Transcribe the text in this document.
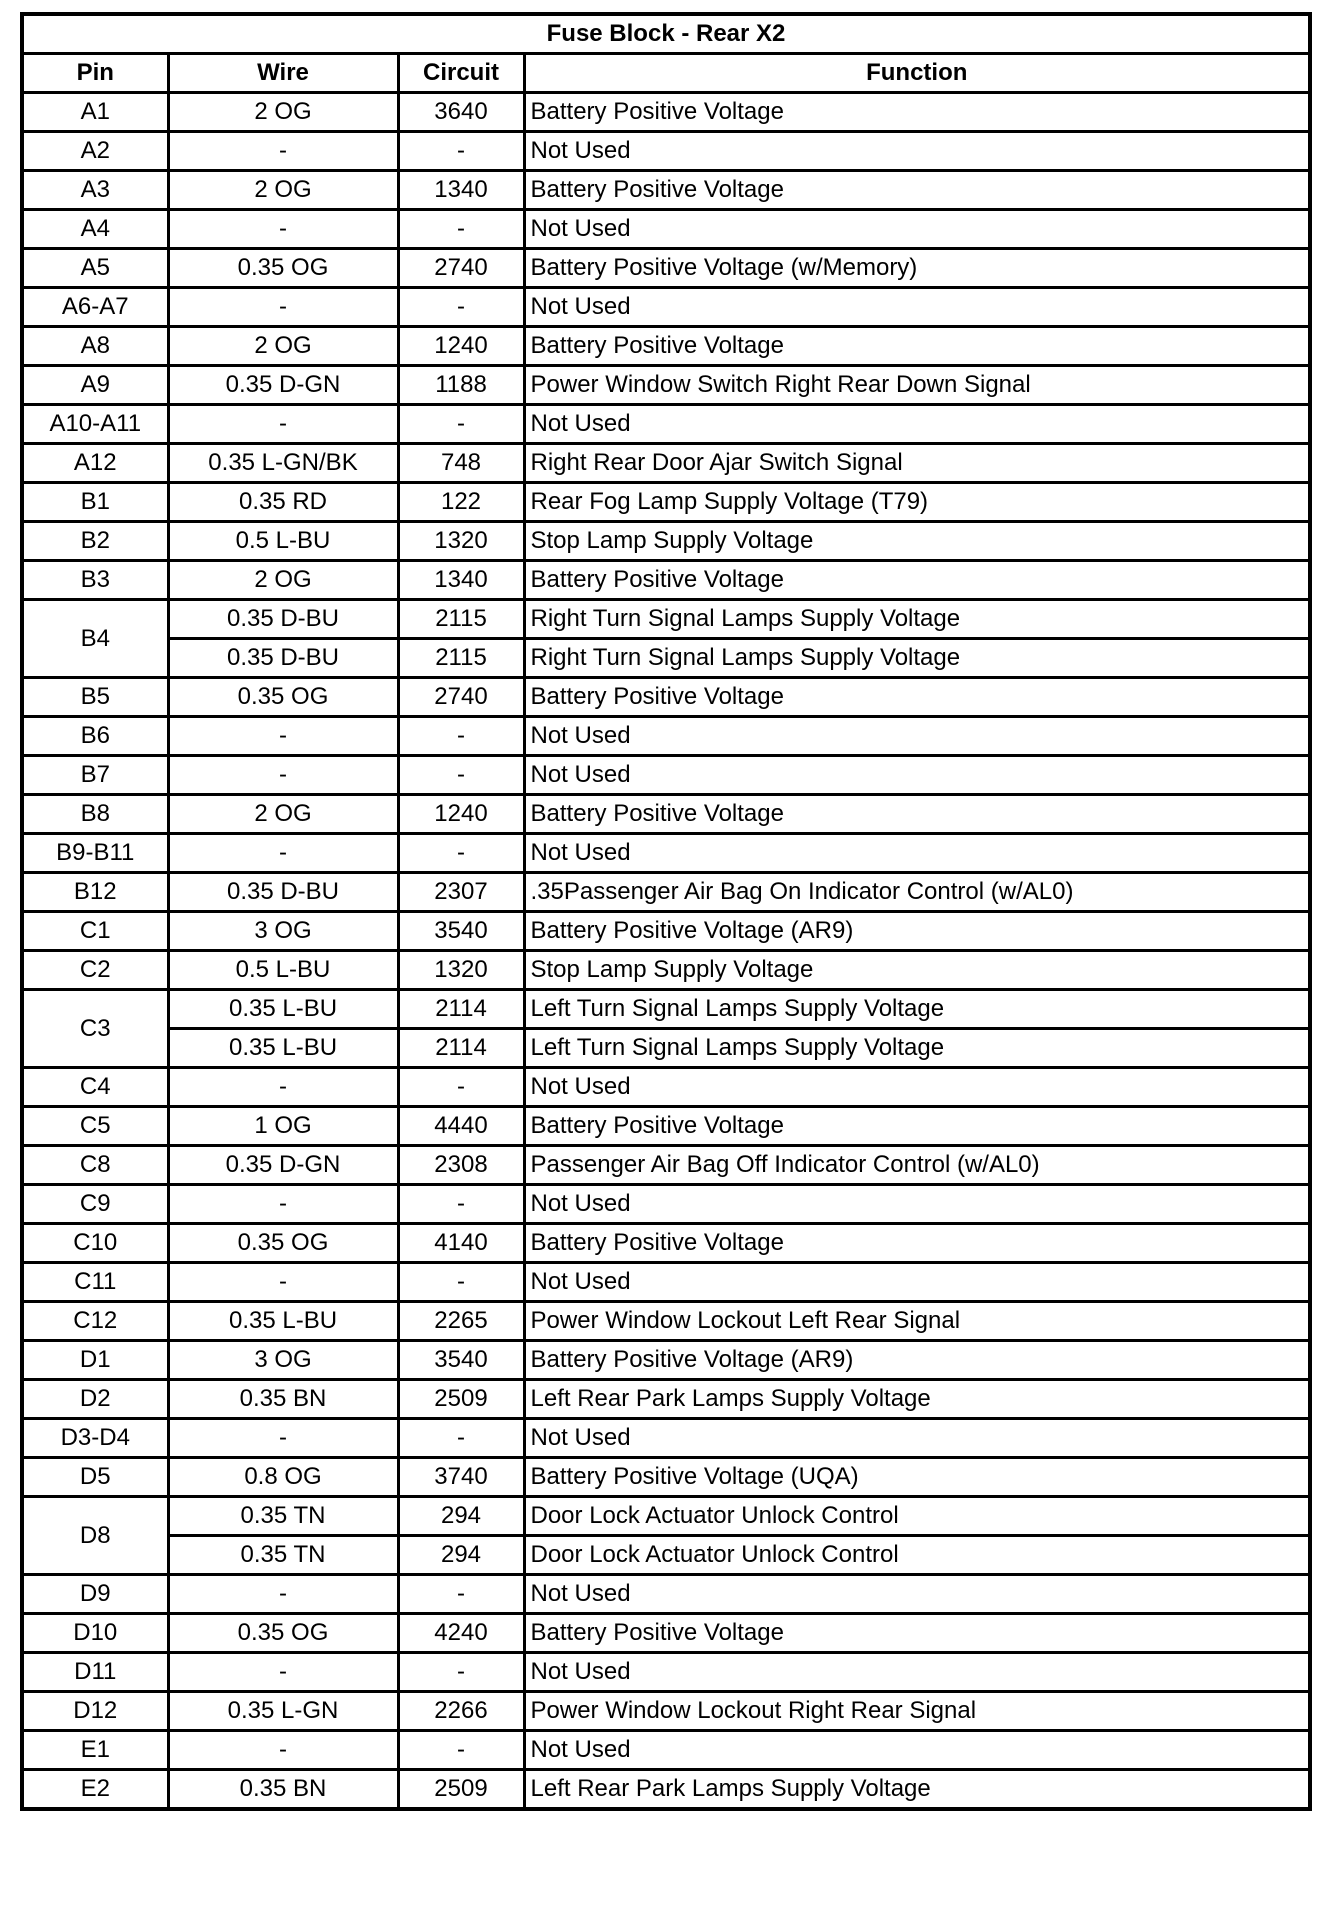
Fuse Block - Rear X2			
Pin	Wire	Circuit	Function
A1	2 OG	3640	Battery Positive Voltage
A2	-	-	Not Used
A3	2 OG	1340	Battery Positive Voltage
A4	-	-	Not Used
A5	0.35 OG	2740	Battery Positive Voltage (w/Memory)
A6-A7	-	-	Not Used
A8	2 OG	1240	Battery Positive Voltage
A9	0.35 D-GN	1188	Power Window Switch Right Rear Down Signal
A10-A11	-	-	Not Used
A12	0.35 L-GN/BK	748	Right Rear Door Ajar Switch Signal
B1	0.35 RD	122	Rear Fog Lamp Supply Voltage (T79)
B2	0.5 L-BU	1320	Stop Lamp Supply Voltage
B3	2 OG	1340	Battery Positive Voltage
B4	0.35 D-BU	2115	Right Turn Signal Lamps Supply Voltage
	0.35 D-BU	2115	Right Turn Signal Lamps Supply Voltage
B5	0.35 OG	2740	Battery Positive Voltage
B6	-	-	Not Used
B7	-	-	Not Used
B8	2 OG	1240	Battery Positive Voltage
B9-B11	-	-	Not Used
B12	0.35 D-BU	2307	.35Passenger Air Bag On Indicator Control (w/AL0)
C1	3 OG	3540	Battery Positive Voltage (AR9)
C2	0.5 L-BU	1320	Stop Lamp Supply Voltage
C3	0.35 L-BU	2114	Left Turn Signal Lamps Supply Voltage
	0.35 L-BU	2114	Left Turn Signal Lamps Supply Voltage
C4	-	-	Not Used
C5	1 OG	4440	Battery Positive Voltage
C8	0.35 D-GN	2308	Passenger Air Bag Off Indicator Control (w/AL0)
C9	-	-	Not Used
C10	0.35 OG	4140	Battery Positive Voltage
C11	-	-	Not Used
C12	0.35 L-BU	2265	Power Window Lockout Left Rear Signal
D1	3 OG	3540	Battery Positive Voltage (AR9)
D2	0.35 BN	2509	Left Rear Park Lamps Supply Voltage
D3-D4	-	-	Not Used
D5	0.8 OG	3740	Battery Positive Voltage (UQA)
D8	0.35 TN	294	Door Lock Actuator Unlock Control
	0.35 TN	294	Door Lock Actuator Unlock Control
D9	-	-	Not Used
D10	0.35 OG	4240	Battery Positive Voltage
D11	-	-	Not Used
D12	0.35 L-GN	2266	Power Window Lockout Right Rear Signal
E1	-	-	Not Used
E2	0.35 BN	2509	Left Rear Park Lamps Supply Voltage
